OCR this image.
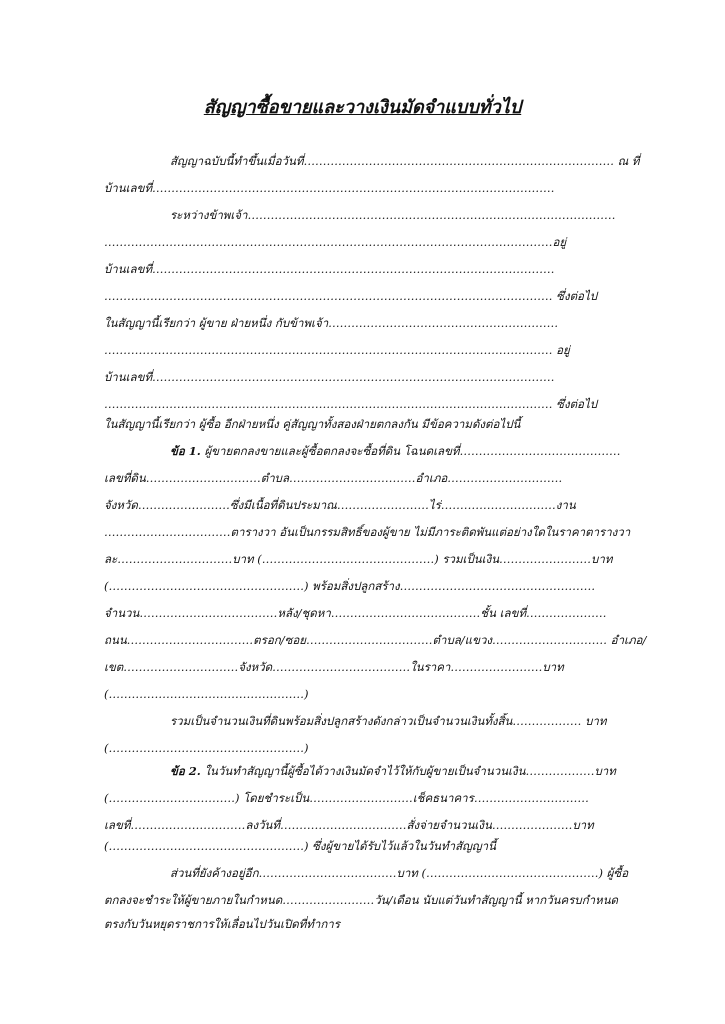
สัญญาซื้อขายและวางเงินมัดจำแบบทั่วไป
สัญญาฉบับนี้ทำขึ้นเมื่อวันที่……………………………………………………………………… ณ ที่
บ้านเลขที่……………………………………………………………………………………………
ระหว่างข้าพเจ้า……………………………………………………………………………………
………………………………………………………………………………………………………อยู่
บ้านเลขที่……………………………………………………………………………………………
……………………………………………………………………………………………………… ซึ่งต่อไป
ในสัญญานี้เรียกว่า ผู้ขาย ฝ่ายหนึ่ง กับข้าพเจ้า……………………………………………………
……………………………………………………………………………………………………… อยู่
บ้านเลขที่……………………………………………………………………………………………
……………………………………………………………………………………………………… ซึ่งต่อไป
ในสัญญานี้เรียกว่า ผู้ซื้อ อีกฝ่ายหนึ่ง คู่สัญญาทั้งสองฝ่ายตกลงกัน มีข้อความดังต่อไปนี้
ข้อ 1. ผู้ขายตกลงขายและผู้ซื้อตกลงจะซื้อที่ดิน โฉนดเลขที่……………………………………
เลขที่ดิน…………………………ตำบล……………………………อำเภอ…………………………
จังหวัด……………………ซึ่งมีเนื้อที่ดินประมาณ……………………ไร่…………………………งาน
……………………………ตารางวา อันเป็นกรรมสิทธิ์ของผู้ขาย ไม่มีภาระติดพันแต่อย่างใดในราคาตารางวา
ละ…………………………บาท (………………………………………) รวมเป็นเงิน……………………บาท
(……………………………………………) พร้อมสิ่งปลูกสร้าง……………………………………………
จำนวน………………………………หลัง/ชุดหา…………………………………ชั้น เลขที่…………………
ถนน……………………………ตรอก/ซอย……………………………ตำบล/แขวง………………………… อำเภอ/
เขต…………………………จังหวัด………………………………ในราคา……………………บาท
(……………………………………………)
รวมเป็นจำนวนเงินที่ดินพร้อมสิ่งปลูกสร้างดังกล่าวเป็นจำนวนเงินทั้งสิ้น……………… บาท
(……………………………………………)
ข้อ 2. ในวันทำสัญญานี้ผู้ซื้อได้วางเงินมัดจำไว้ให้กับผู้ขายเป็นจำนวนเงิน………………บาท
(……………………………) โดยชำระเป็น………………………เช็คธนาคาร…………………………
เลขที่…………………………ลงวันที่……………………………สั่งจ่ายจำนวนเงิน…………………บาท
(……………………………………………) ซึ่งผู้ขายได้รับไว้แล้วในวันทำสัญญานี้
ส่วนที่ยังค้างอยู่อีก………………………………บาท (………………………………………) ผู้ซื้อ
ตกลงจะชำระให้ผู้ขายภายในกำหนด……………………วัน/เดือน นับแต่วันทำสัญญานี้ หากวันครบกำหนด
ตรงกับวันหยุดราชการให้เลื่อนไปวันเปิดที่ทำการ
